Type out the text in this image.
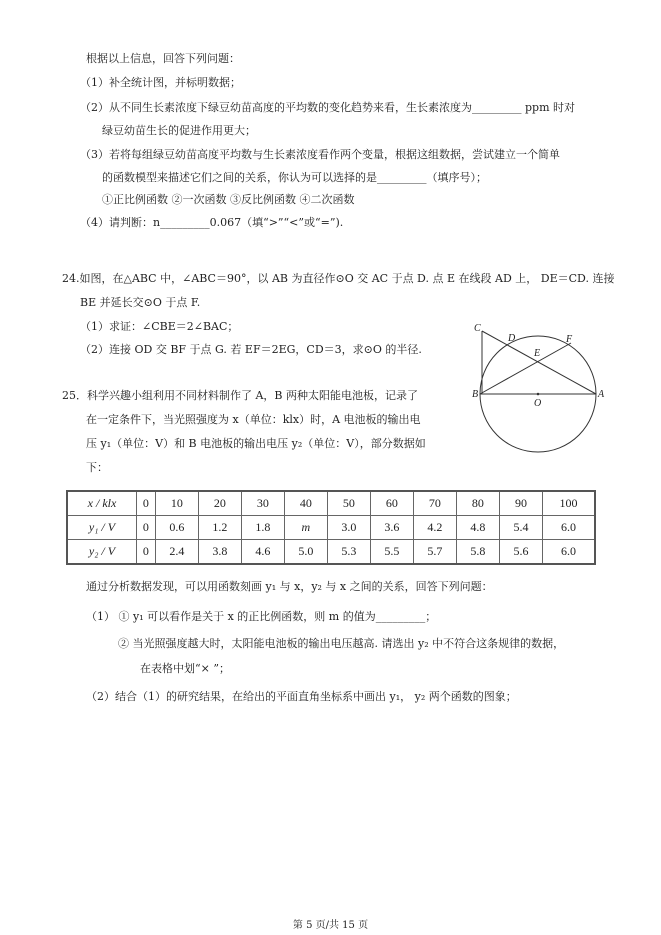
根据以上信息，回答下列问题：
（1）补全统计图，并标明数据；
（2）从不同生长素浓度下绿豆幼苗高度的平均数的变化趋势来看，生长素浓度为_________ ppm 时对
绿豆幼苗生长的促进作用更大；
（3）若将每组绿豆幼苗高度平均数与生长素浓度看作两个变量，根据这组数据，尝试建立一个简单
的函数模型来描述它们之间的关系，你认为可以选择的是_________（填序号）；
①正比例函数 ②一次函数 ③反比例函数 ④二次函数
（4）请判断：n_________0.067（填“>”“<”或“=”).
24.如图，在△ABC 中，∠ABC＝90°，以 AB 为直径作⊙O 交 AC 于点 D. 点 E 在线段 AD 上， DE＝CD. 连接
BE 并延长交⊙O 于点 F.
（1）求证：∠CBE＝2∠BAC；
（2）连接 OD 交 BF 于点 G. 若 EF＝2EG，CD＝3，求⊙O 的半径.
C
D	F
E
B	A
O
25．科学兴趣小组利用不同材料制作了 A，B 两种太阳能电池板，记录了
在一定条件下，当光照强度为 x（单位：klx）时，A 电池板的输出电
压 y₁（单位：V）和 B 电池板的输出电压 y₂（单位：V），部分数据如
下：
x / klx	0	10	20	30	40	50	60	70	80	90	100
y₁ / V	0	0.6	1.2	1.8	m	3.0	3.6	4.2	4.8	5.4	6.0
y₂ / V	0	2.4	3.8	4.6	5.0	5.3	5.5	5.7	5.8	5.6	6.0
通过分析数据发现，可以用函数刻画 y₁ 与 x，y₂ 与 x 之间的关系，回答下列问题：
（1） ① y₁ 可以看作是关于 x 的正比例函数，则 m 的值为_________；
② 当光照强度越大时，太阳能电池板的输出电压越高. 请选出 y₂ 中不符合这条规律的数据，
在表格中划“× ”；
（2）结合（1）的研究结果，在给出的平面直角坐标系中画出 y₁， y₂ 两个函数的图象；
第 5 页/共 15 页
